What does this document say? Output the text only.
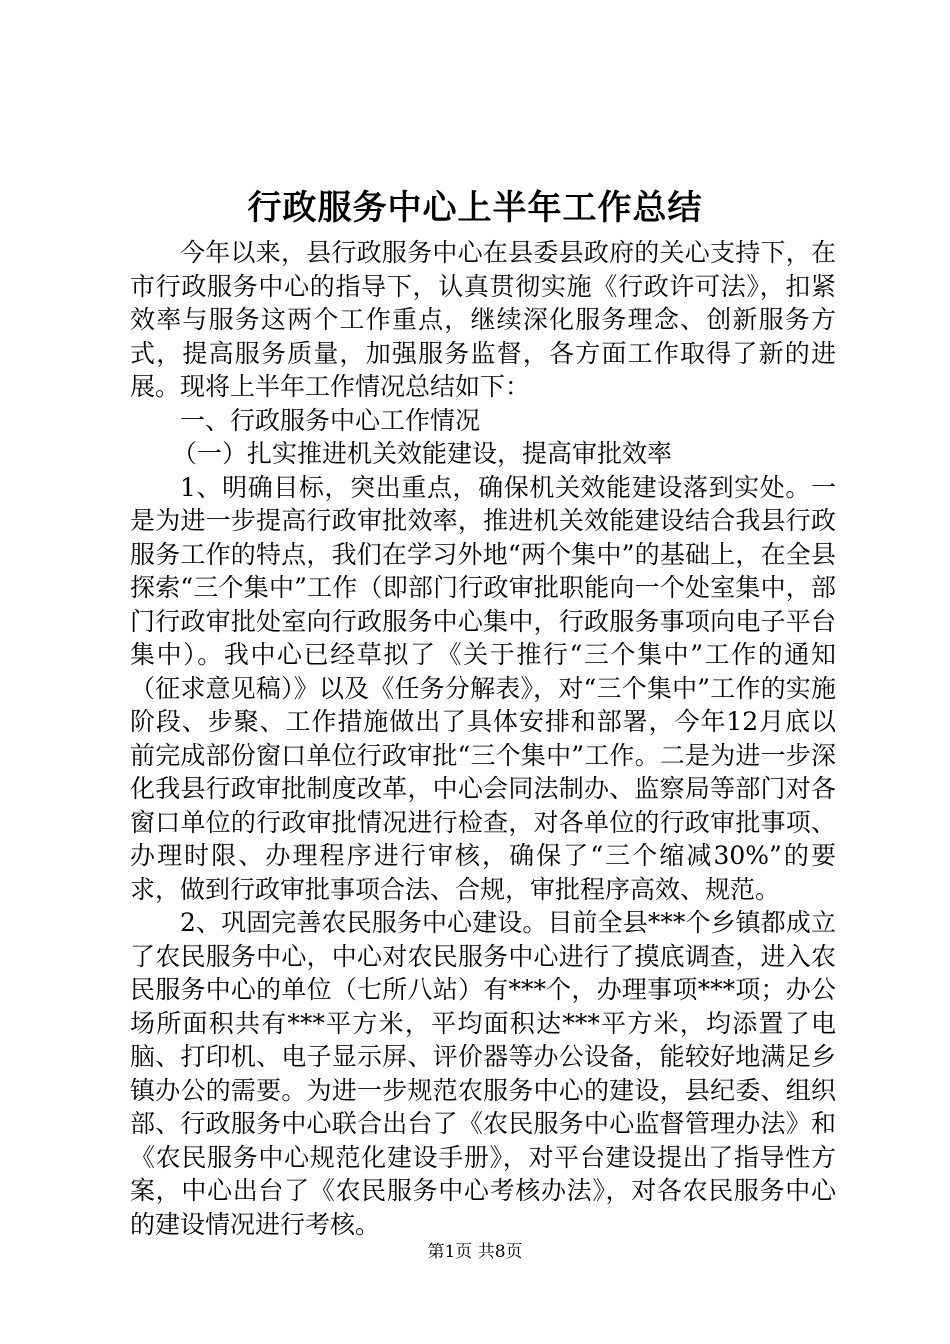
行政服务中心上半年工作总结

今年以来，县行政服务中心在县委县政府的关心支持下，在市行政服务中心的指导下，认真贯彻实施《行政许可法》，扣紧效率与服务这两个工作重点，继续深化服务理念、创新服务方式，提高服务质量，加强服务监督，各方面工作取得了新的进展。现将上半年工作情况总结如下：

一、行政服务中心工作情况

（一）扎实推进机关效能建设，提高审批效率

1、明确目标，突出重点，确保机关效能建设落到实处。一是为进一步提高行政审批效率，推进机关效能建设结合我县行政服务工作的特点，我们在学习外地“两个集中”的基础上，在全县探索“三个集中”工作（即部门行政审批职能向一个处室集中，部门行政审批处室向行政服务中心集中，行政服务事项向电子平台集中）。我中心已经草拟了《关于推行“三个集中”工作的通知（征求意见稿）》以及《任务分解表》，对“三个集中”工作的实施阶段、步聚、工作措施做出了具体安排和部署，今年12月底以前完成部份窗口单位行政审批“三个集中”工作。二是为进一步深化我县行政审批制度改革，中心会同法制办、监察局等部门对各窗口单位的行政审批情况进行检查，对各单位的行政审批事项、办理时限、办理程序进行审核，确保了“三个缩减30%”的要求，做到行政审批事项合法、合规，审批程序高效、规范。

2、巩固完善农民服务中心建设。目前全县***个乡镇都成立了农民服务中心，中心对农民服务中心进行了摸底调查，进入农民服务中心的单位（七所八站）有***个，办理事项***项；办公场所面积共有***平方米，平均面积达***平方米，均添置了电脑、打印机、电子显示屏、评价器等办公设备，能较好地满足乡镇办公的需要。为进一步规范农服务中心的建设，县纪委、组织部、行政服务中心联合出台了《农民服务中心监督管理办法》和《农民服务中心规范化建设手册》，对平台建设提出了指导性方案，中心出台了《农民服务中心考核办法》，对各农民服务中心的建设情况进行考核。

第1页 共8页
